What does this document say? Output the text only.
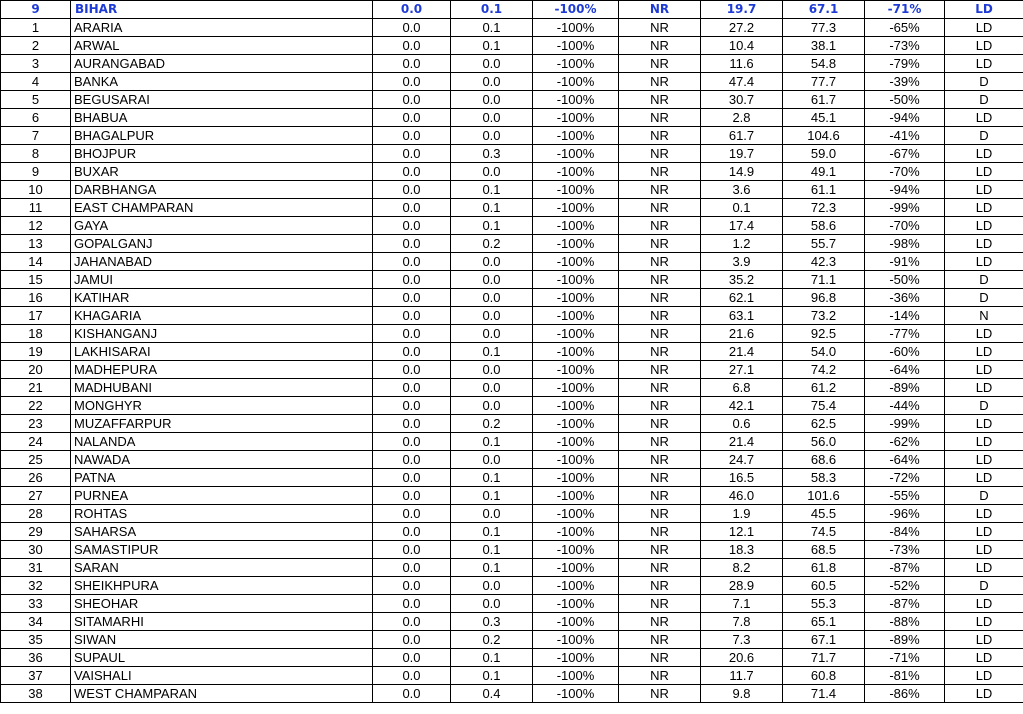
9	BIHAR	0.0	0.1	-100%	NR	19.7	67.1	-71%	LD
1	ARARIA	0.0	0.1	-100%	NR	27.2	77.3	-65%	LD
2	ARWAL	0.0	0.1	-100%	NR	10.4	38.1	-73%	LD
3	AURANGABAD	0.0	0.0	-100%	NR	11.6	54.8	-79%	LD
4	BANKA	0.0	0.0	-100%	NR	47.4	77.7	-39%	D
5	BEGUSARAI	0.0	0.0	-100%	NR	30.7	61.7	-50%	D
6	BHABUA	0.0	0.0	-100%	NR	2.8	45.1	-94%	LD
7	BHAGALPUR	0.0	0.0	-100%	NR	61.7	104.6	-41%	D
8	BHOJPUR	0.0	0.3	-100%	NR	19.7	59.0	-67%	LD
9	BUXAR	0.0	0.0	-100%	NR	14.9	49.1	-70%	LD
10	DARBHANGA	0.0	0.1	-100%	NR	3.6	61.1	-94%	LD
11	EAST CHAMPARAN	0.0	0.1	-100%	NR	0.1	72.3	-99%	LD
12	GAYA	0.0	0.1	-100%	NR	17.4	58.6	-70%	LD
13	GOPALGANJ	0.0	0.2	-100%	NR	1.2	55.7	-98%	LD
14	JAHANABAD	0.0	0.0	-100%	NR	3.9	42.3	-91%	LD
15	JAMUI	0.0	0.0	-100%	NR	35.2	71.1	-50%	D
16	KATIHAR	0.0	0.0	-100%	NR	62.1	96.8	-36%	D
17	KHAGARIA	0.0	0.0	-100%	NR	63.1	73.2	-14%	N
18	KISHANGANJ	0.0	0.0	-100%	NR	21.6	92.5	-77%	LD
19	LAKHISARAI	0.0	0.1	-100%	NR	21.4	54.0	-60%	LD
20	MADHEPURA	0.0	0.0	-100%	NR	27.1	74.2	-64%	LD
21	MADHUBANI	0.0	0.0	-100%	NR	6.8	61.2	-89%	LD
22	MONGHYR	0.0	0.0	-100%	NR	42.1	75.4	-44%	D
23	MUZAFFARPUR	0.0	0.2	-100%	NR	0.6	62.5	-99%	LD
24	NALANDA	0.0	0.1	-100%	NR	21.4	56.0	-62%	LD
25	NAWADA	0.0	0.0	-100%	NR	24.7	68.6	-64%	LD
26	PATNA	0.0	0.1	-100%	NR	16.5	58.3	-72%	LD
27	PURNEA	0.0	0.1	-100%	NR	46.0	101.6	-55%	D
28	ROHTAS	0.0	0.0	-100%	NR	1.9	45.5	-96%	LD
29	SAHARSA	0.0	0.1	-100%	NR	12.1	74.5	-84%	LD
30	SAMASTIPUR	0.0	0.1	-100%	NR	18.3	68.5	-73%	LD
31	SARAN	0.0	0.1	-100%	NR	8.2	61.8	-87%	LD
32	SHEIKHPURA	0.0	0.0	-100%	NR	28.9	60.5	-52%	D
33	SHEOHAR	0.0	0.0	-100%	NR	7.1	55.3	-87%	LD
34	SITAMARHI	0.0	0.3	-100%	NR	7.8	65.1	-88%	LD
35	SIWAN	0.0	0.2	-100%	NR	7.3	67.1	-89%	LD
36	SUPAUL	0.0	0.1	-100%	NR	20.6	71.7	-71%	LD
37	VAISHALI	0.0	0.1	-100%	NR	11.7	60.8	-81%	LD
38	WEST CHAMPARAN	0.0	0.4	-100%	NR	9.8	71.4	-86%	LD
